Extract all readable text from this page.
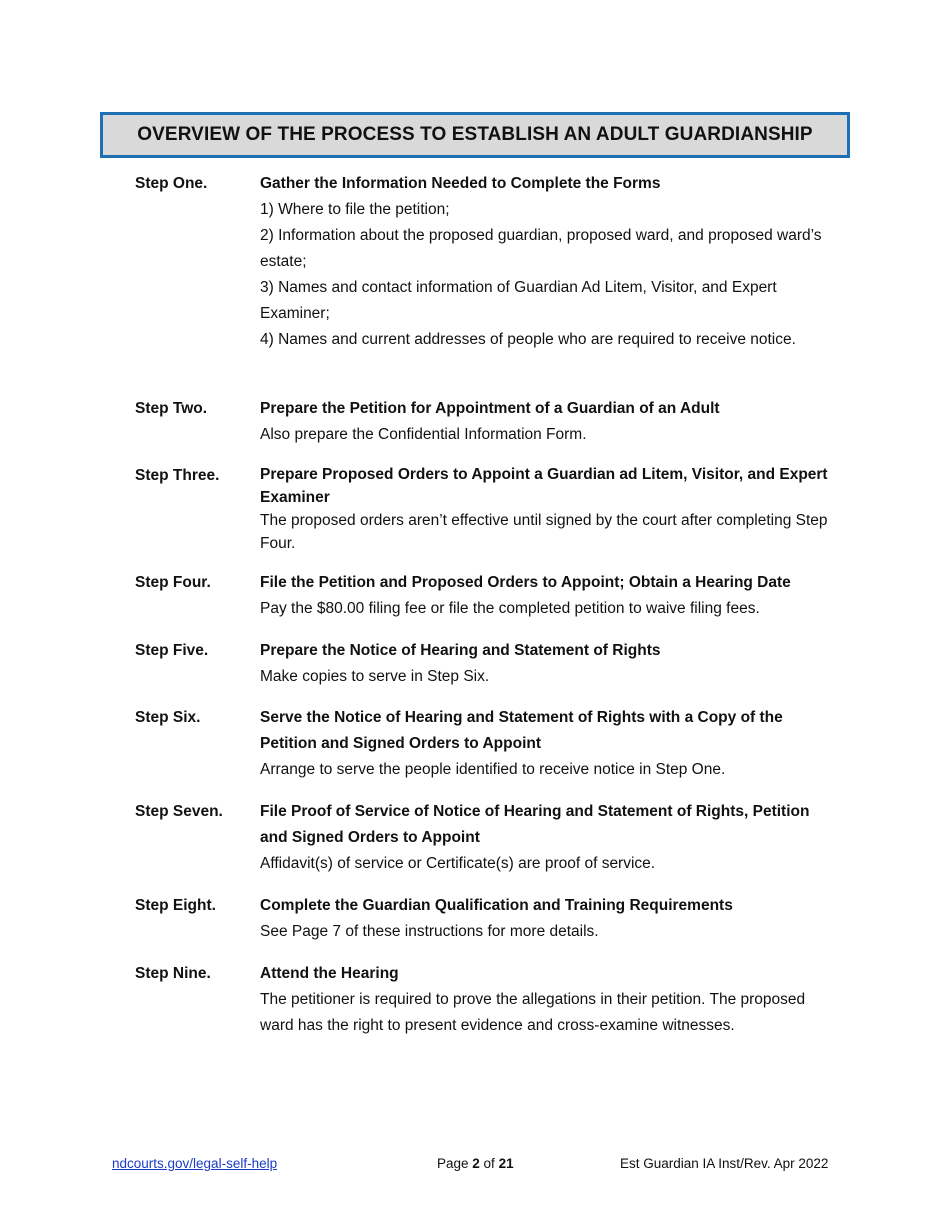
OVERVIEW OF THE PROCESS TO ESTABLISH AN ADULT GUARDIANSHIP
Step One.	Gather the Information Needed to Complete the Forms
1) Where to file the petition;
2) Information about the proposed guardian, proposed ward, and proposed ward’s estate;
3) Names and contact information of Guardian Ad Litem, Visitor, and Expert Examiner;
4) Names and current addresses of people who are required to receive notice.
Step Two.	Prepare the Petition for Appointment of a Guardian of an Adult
Also prepare the Confidential Information Form.
Step Three.	Prepare Proposed Orders to Appoint a Guardian ad Litem, Visitor, and Expert Examiner
The proposed orders aren’t effective until signed by the court after completing Step Four.
Step Four.	File the Petition and Proposed Orders to Appoint; Obtain a Hearing Date
Pay the $80.00 filing fee or file the completed petition to waive filing fees.
Step Five.	Prepare the Notice of Hearing and Statement of Rights
Make copies to serve in Step Six.
Step Six.	Serve the Notice of Hearing and Statement of Rights with a Copy of the Petition and Signed Orders to Appoint
Arrange to serve the people identified to receive notice in Step One.
Step Seven.	File Proof of Service of Notice of Hearing and Statement of Rights, Petition and Signed Orders to Appoint
Affidavit(s) of service or Certificate(s) are proof of service.
Step Eight.	Complete the Guardian Qualification and Training Requirements
See Page 7 of these instructions for more details.
Step Nine.	Attend the Hearing
The petitioner is required to prove the allegations in their petition. The proposed ward has the right to present evidence and cross-examine witnesses.
ndcourts.gov/legal-self-help	Page 2 of 21	Est Guardian IA Inst/Rev. Apr 2022
